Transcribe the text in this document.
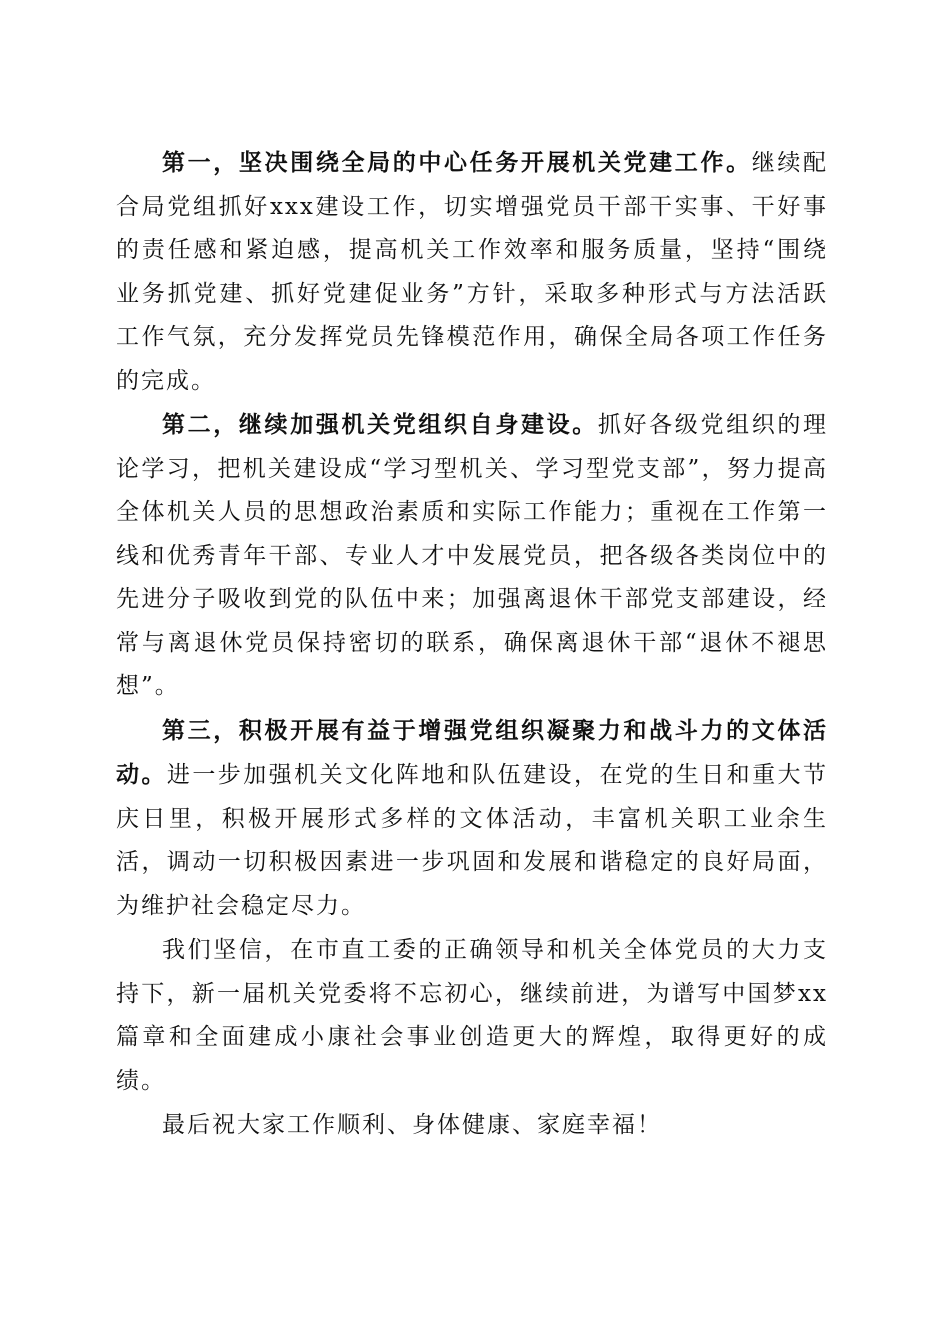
第一，坚决围绕全局的中心任务开展机关党建工作。继续配合局党组抓好xxx建设工作，切实增强党员干部干实事、干好事的责任感和紧迫感，提高机关工作效率和服务质量，坚持“围绕业务抓党建、抓好党建促业务”方针，采取多种形式与方法活跃工作气氛，充分发挥党员先锋模范作用，确保全局各项工作任务的完成。

第二，继续加强机关党组织自身建设。抓好各级党组织的理论学习，把机关建设成“学习型机关、学习型党支部”，努力提高全体机关人员的思想政治素质和实际工作能力；重视在工作第一线和优秀青年干部、专业人才中发展党员，把各级各类岗位中的先进分子吸收到党的队伍中来；加强离退休干部党支部建设，经常与离退休党员保持密切的联系，确保离退休干部“退休不褪思想”。

第三，积极开展有益于增强党组织凝聚力和战斗力的文体活动。进一步加强机关文化阵地和队伍建设，在党的生日和重大节庆日里，积极开展形式多样的文体活动，丰富机关职工业余生活，调动一切积极因素进一步巩固和发展和谐稳定的良好局面，为维护社会稳定尽力。

我们坚信，在市直工委的正确领导和机关全体党员的大力支持下，新一届机关党委将不忘初心，继续前进，为谱写中国梦xx篇章和全面建成小康社会事业创造更大的辉煌，取得更好的成绩。

最后祝大家工作顺利、身体健康、家庭幸福！
